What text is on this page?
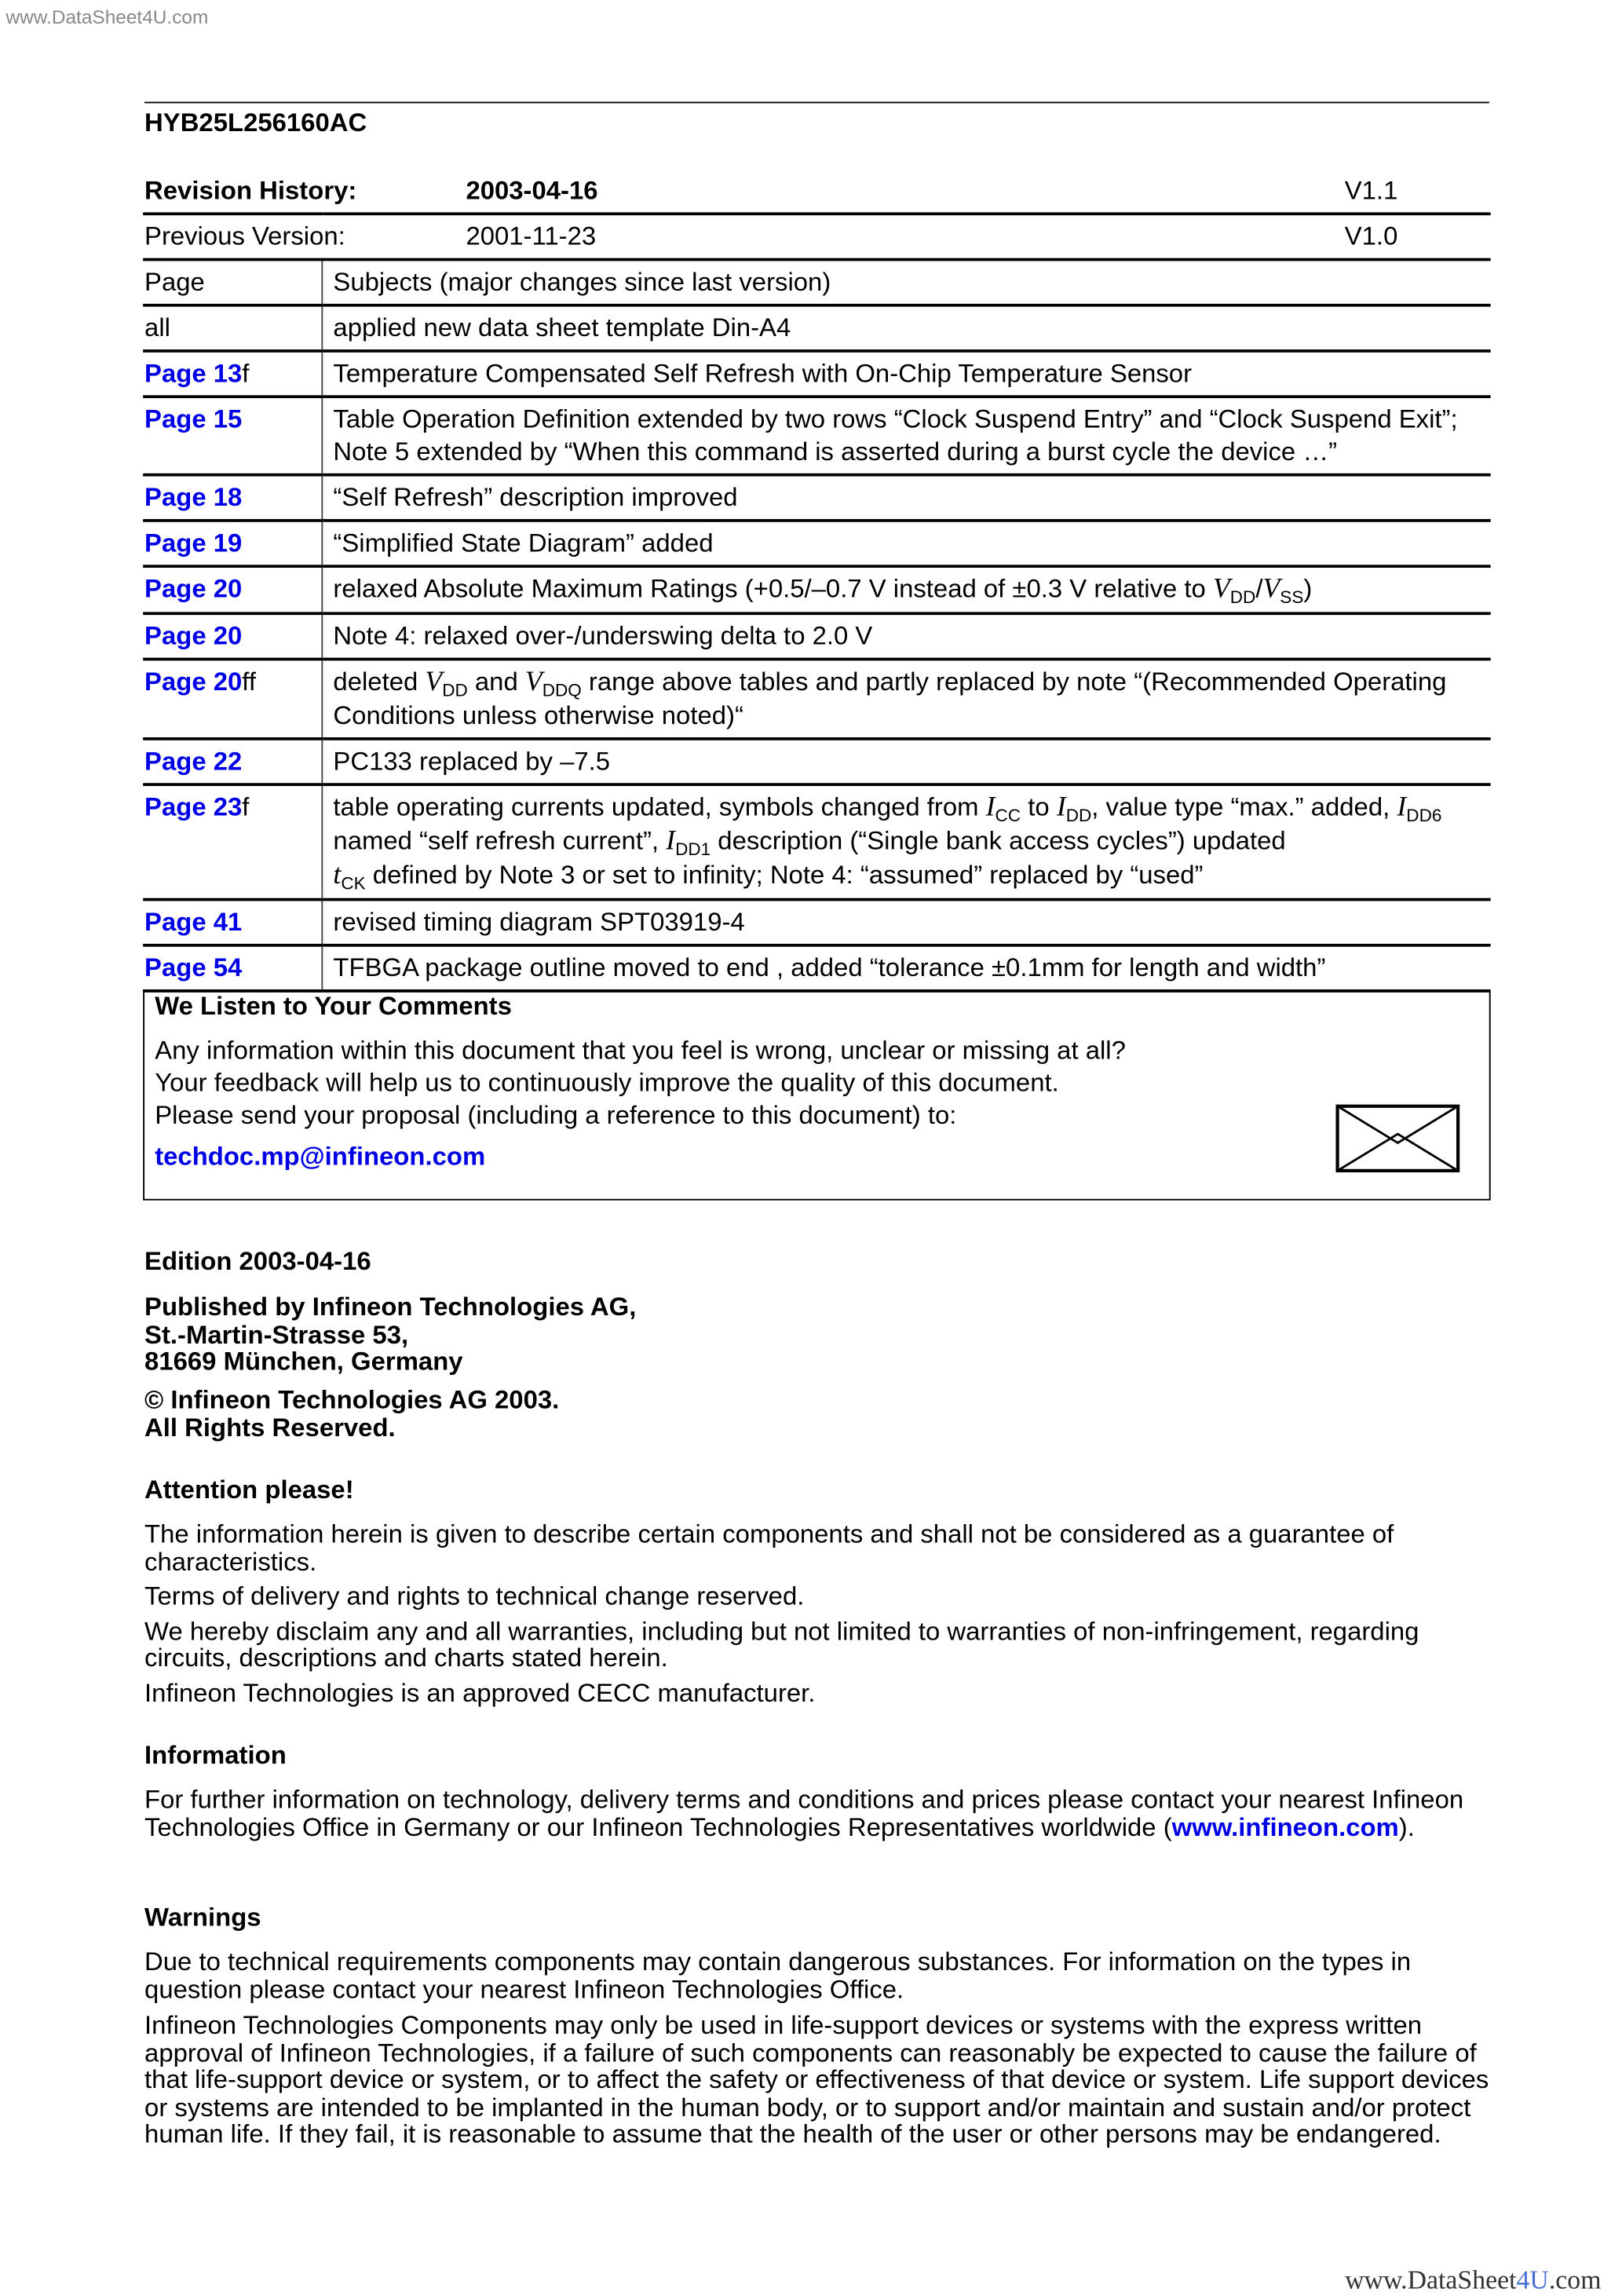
www.DataSheet4U.com
HYB25L256160AC
Revision History: 2003-04-16 V1.1	

Previous Version: 2001-11-23 V1.0	

Page	Subjects (major changes since last version)
all	applied new data sheet template Din-A4
Page 13f	Temperature Compensated Self Refresh with On-Chip Temperature Sensor
Page 15	Table Operation Definition extended by two rows “Clock Suspend Entry” and “Clock Suspend Exit”; Note 5 extended by “When this command is asserted during a burst cycle the device …”
Page 18	“Self Refresh” description improved
Page 19	“Simplified State Diagram” added
Page 20	relaxed Absolute Maximum Ratings (+0.5/–0.7 V instead of ±0.3 V relative to $V_{DD}/V_{SS}$)
Page 20	Note 4: relaxed over-/underswing delta to 2.0 V
Page 20ff	deleted $V_{DD}$ and $V_{DDQ}$ range above tables and partly replaced by note “(Recommended Operating Conditions unless otherwise noted)“
Page 22	PC133 replaced by –7.5
Page 23f	table operating currents updated, symbols changed from $I_{CC}$ to $I_{DD}$, value type “max.” added, $I_{DD6}$ named “self refresh current”, $I_{DD1}$ description (“Single bank access cycles”) updated
$t_{CK}$ defined by Note 3 or set to infinity; Note 4: “assumed” replaced by “used”
Page 41	revised timing diagram SPT03919-4
Page 54	TFBGA package outline moved to end , added “tolerance ±0.1mm for length and width”
We Listen to Your Comments
Any information within this document that you feel is wrong, unclear or missing at all?
Your feedback will help us to continuously improve the quality of this document.
Please send your proposal (including a reference to this document) to:
techdoc.mp@infineon.com
Edition 2003-04-16

Published by Infineon Technologies AG,

St.-Martin-Strasse 53,

81669 München, Germany

© Infineon Technologies AG 2003.

All Rights Reserved.

Attention please!

The information herein is given to describe certain components and shall not be considered as a guarantee of characteristics.

Terms of delivery and rights to technical change reserved.

We hereby disclaim any and all warranties, including but not limited to warranties of non-infringement, regarding circuits, descriptions and charts stated herein.

Infineon Technologies is an approved CECC manufacturer.

Information
For further information on technology, delivery terms and conditions and prices please contact your nearest Infineon Technologies Office in Germany or our Infineon Technologies Representatives worldwide (www.infineon.com).
Warnings

Due to technical requirements components may contain dangerous substances. For information on the types in question please contact your nearest Infineon Technologies Office.

Infineon Technologies Components may only be used in life-support devices or systems with the express written approval of Infineon Technologies, if a failure of such components can reasonably be expected to cause the failure of that life-support device or system, or to affect the safety or effectiveness of that device or system. Life support devices or systems are intended to be implanted in the human body, or to support and/or maintain and sustain and/or protect human life. If they fail, it is reasonable to assume that the health of the user or other persons may be endangered.

www.DataSheet4U.com
